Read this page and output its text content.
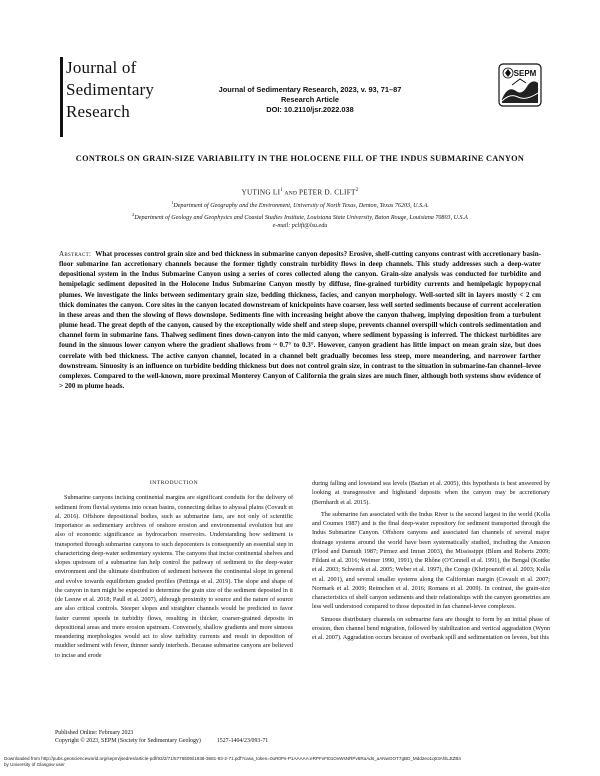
Journal of
Sedimentary
Research
Journal of Sedimentary Research, 2023, v. 93, 71–87
Research Article
DOI: 10.2110/jsr.2022.038
SEPM
CONTROLS ON GRAIN-SIZE VARIABILITY IN THE HOLOCENE FILL OF THE INDUS SUBMARINE CANYON
YUTING $LI^1$ AND PETER D. CLIFT$^2$
$^1$Department of Geography and the Environment, University of North Texas, Denton, Texas 76203, U.S.A.
$^2$Department of Geology and Geophysics and Coastal Studies Institute, Louisiana State University, Baton Rouge, Louisiana 70803, U.S.A
e-mail: pclift@lsu.edu
Abstract: What processes control grain size and bed thickness in submarine canyon deposits? Erosive, shelf-cutting canyons contrast with accretionary basin-floor submarine fan accretionary channels because the former tightly constrain turbidity flows in deep channels. This study addresses such a deep-water depositional system in the Indus Submarine Canyon using a series of cores collected along the canyon. Grain-size analysis was conducted for turbidite and hemipelagic sediment deposited in the Holocene Indus Submarine Canyon mostly by diffuse, fine-grained turbidity currents and hemipelagic hypopycnal plumes. We investigate the links between sedimentary grain size, bedding thickness, facies, and canyon morphology. Well-sorted silt in layers mostly < 2 cm thick dominates the canyon. Core sites in the canyon located downstream of knickpoints have coarser, less well sorted sediments because of current acceleration in these areas and then the slowing of flows downslope. Sediments fine with increasing height above the canyon thalweg, implying deposition from a turbulent plume head. The great depth of the canyon, caused by the exceptionally wide shelf and steep slope, prevents channel overspill which controls sedimentation and channel form in submarine fans. Thalweg sediment fines down-canyon into the mid canyon, where sediment bypassing is inferred. The thickest turbidites are found in the sinuous lower canyon where the gradient shallows from ~ 0.7° to 0.3°. However, canyon gradient has little impact on mean grain size, but does correlate with bed thickness. The active canyon channel, located in a channel belt gradually becomes less steep, more meandering, and narrower farther downstream. Sinuosity is an influence on turbidite bedding thickness but does not control grain size, in contrast to the situation in submarine-fan channel–levee complexes. Compared to the well-known, more proximal Monterey Canyon of California the grain sizes are much finer, although both systems show evidence of > 200 m plume heads.
INTRODUCTION

Submarine canyons incising continental margins are significant conduits for the delivery of sediment from fluvial systems into ocean basins, connecting deltas to abyssal plains (Covault et al. 2016). Offshore depositional bodies, such as submarine fans, are not only of scientific importance as sedimentary archives of onshore erosion and environmental evolution but are also of economic significance as hydrocarbon reservoirs. Understanding how sediment is transported through submarine canyons to such depocenters is consequently an essential step in characterizing deep-water sedimentary systems. The canyons that incise continental shelves and slopes upstream of a submarine fan help control the pathway of sediment to the deep-water environment and the ultimate distribution of sediment between the continental slope in general and evolve towards equilibrium graded profiles (Pettinga et al. 2019). The slope and shape of the canyon in turn might be expected to determine the grain size of the sediment deposited in it (de Leeuw et al. 2018; Paull et al. 2007), although proximity to source and the nature of source are also critical controls. Steeper slopes and straighter channels would be predicted to favor faster current speeds in turbidity flows, resulting in thicker, coarser-grained deposits in depositional areas and more erosion upstream. Conversely, shallow gradients and more sinuous meandering morphologies would act to slow turbidity currents and result in deposition of muddier sediment with fewer, thinner sandy interbeds. Because submarine canyons are believed to incise and erode

during falling and lowstand sea levels (Baztan et al. 2005), this hypothesis is best answered by looking at transgressive and highstand deposits when the canyon may be accretionary (Bernhardt et al. 2015).

The submarine fan associated with the Indus River is the second largest in the world (Kolla and Coumes 1987) and is the final deep-water repository for sediment transported through the Indus Submarine Canyon. Offshore canyons and associated fan channels of several major drainage systems around the world have been systematically studied, including the Amazon (Flood and Damuth 1987; Pirmez and Imran 2003), the Mississippi (Blum and Roberts 2009; Fildani et al. 2016; Weimer 1990, 1991), the Rhône (O'Connell et al. 1991), the Bengal (Kottke et al. 2003; Schwenk et al. 2005; Weber et al. 1997), the Congo (Khripounoff et al. 2003; Kolla et al. 2001), and several smaller systems along the Californian margin (Covault et al. 2007; Normark et al. 2009; Reimchen et al. 2016; Romans et al. 2009). In contrast, the grain-size characteristics of shelf canyon sediments and their relationships with the canyon geometries are less well understood compared to those deposited in fan channel-levee complexes.

Sinuous distributary channels on submarine fans are thought to form by an initial phase of erosion, then channel bend migration, followed by stabilization and vertical aggradation (Wynn et al. 2007). Aggradation occurs because of overbank spill and sedimentation on levees, but this

Published Online: February 2023
Copyright © 2023, SEPM (Society for Sedimentary Geology)	1527-1404/23/093-71
Downloaded from http://pubs.geoscienceworld.org/sepm/jsedres/article-pdf/93/2/71/5776509/i1938-3681-93-2-71.pdf?casa_token=0uR0Ps-P1AAAAA:eRPFvFt01OvWsNRPv5RaAds_aANwOOT7gBD_Mdd2eo1q03AhlLJtZB4
by University of Glasgow user
